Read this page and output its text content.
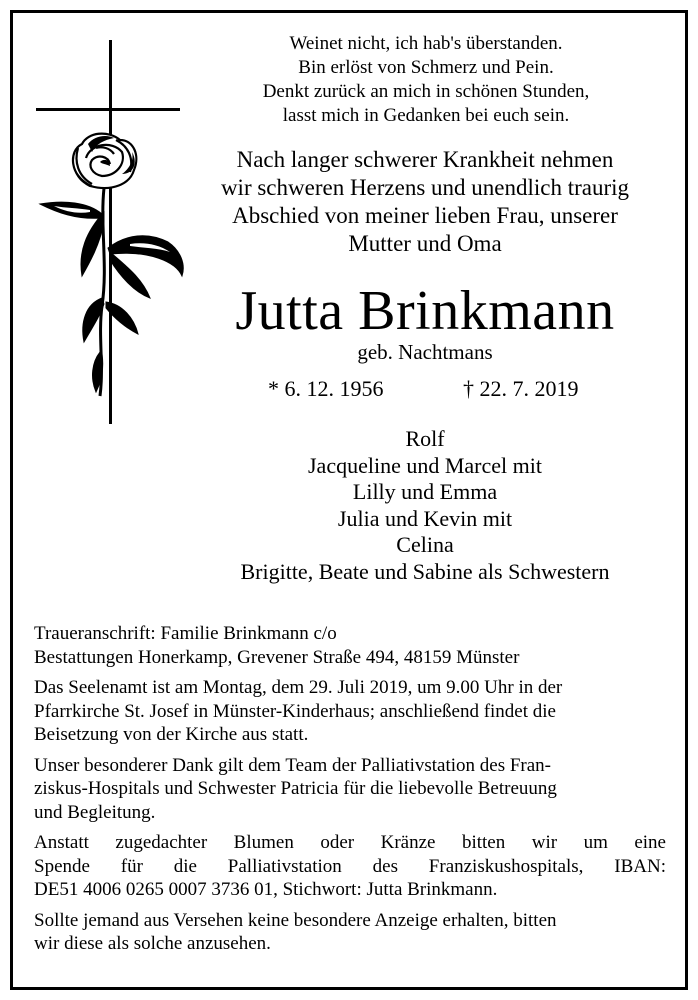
Weinet nicht, ich hab's überstanden.
Bin erlöst von Schmerz und Pein.
Denkt zurück an mich in schönen Stunden,
lasst mich in Gedanken bei euch sein.
Nach langer schwerer Krankheit nehmen
wir schweren Herzens und unendlich traurig
Abschied von meiner lieben Frau, unserer
Mutter und Oma
Jutta Brinkmann
geb. Nachtmans
* 6. 12. 1956	† 22. 7. 2019
Rolf
Jacqueline und Marcel mit
Lilly und Emma
Julia und Kevin mit
Celina
Brigitte, Beate und Sabine als Schwestern

Traueranschrift: Familie Brinkmann c/o
Bestattungen Honerkamp, Grevener Straße 494, 48159 Münster

Das Seelenamt ist am Montag, dem 29. Juli 2019, um 9.00 Uhr in der
Pfarrkirche St. Josef in Münster-Kinderhaus; anschließend findet die
Beisetzung von der Kirche aus statt.

Unser besonderer Dank gilt dem Team der Palliativstation des Fran-
ziskus-Hospitals und Schwester Patricia für die liebevolle Betreuung
und Begleitung.

Anstatt zugedachter Blumen oder Kränze bitten wir um eine
Spende für die Palliativstation des Franziskushospitals, IBAN:
DE51 4006 0265 0007 3736 01, Stichwort: Jutta Brinkmann.

Sollte jemand aus Versehen keine besondere Anzeige erhalten, bitten
wir diese als solche anzusehen.
